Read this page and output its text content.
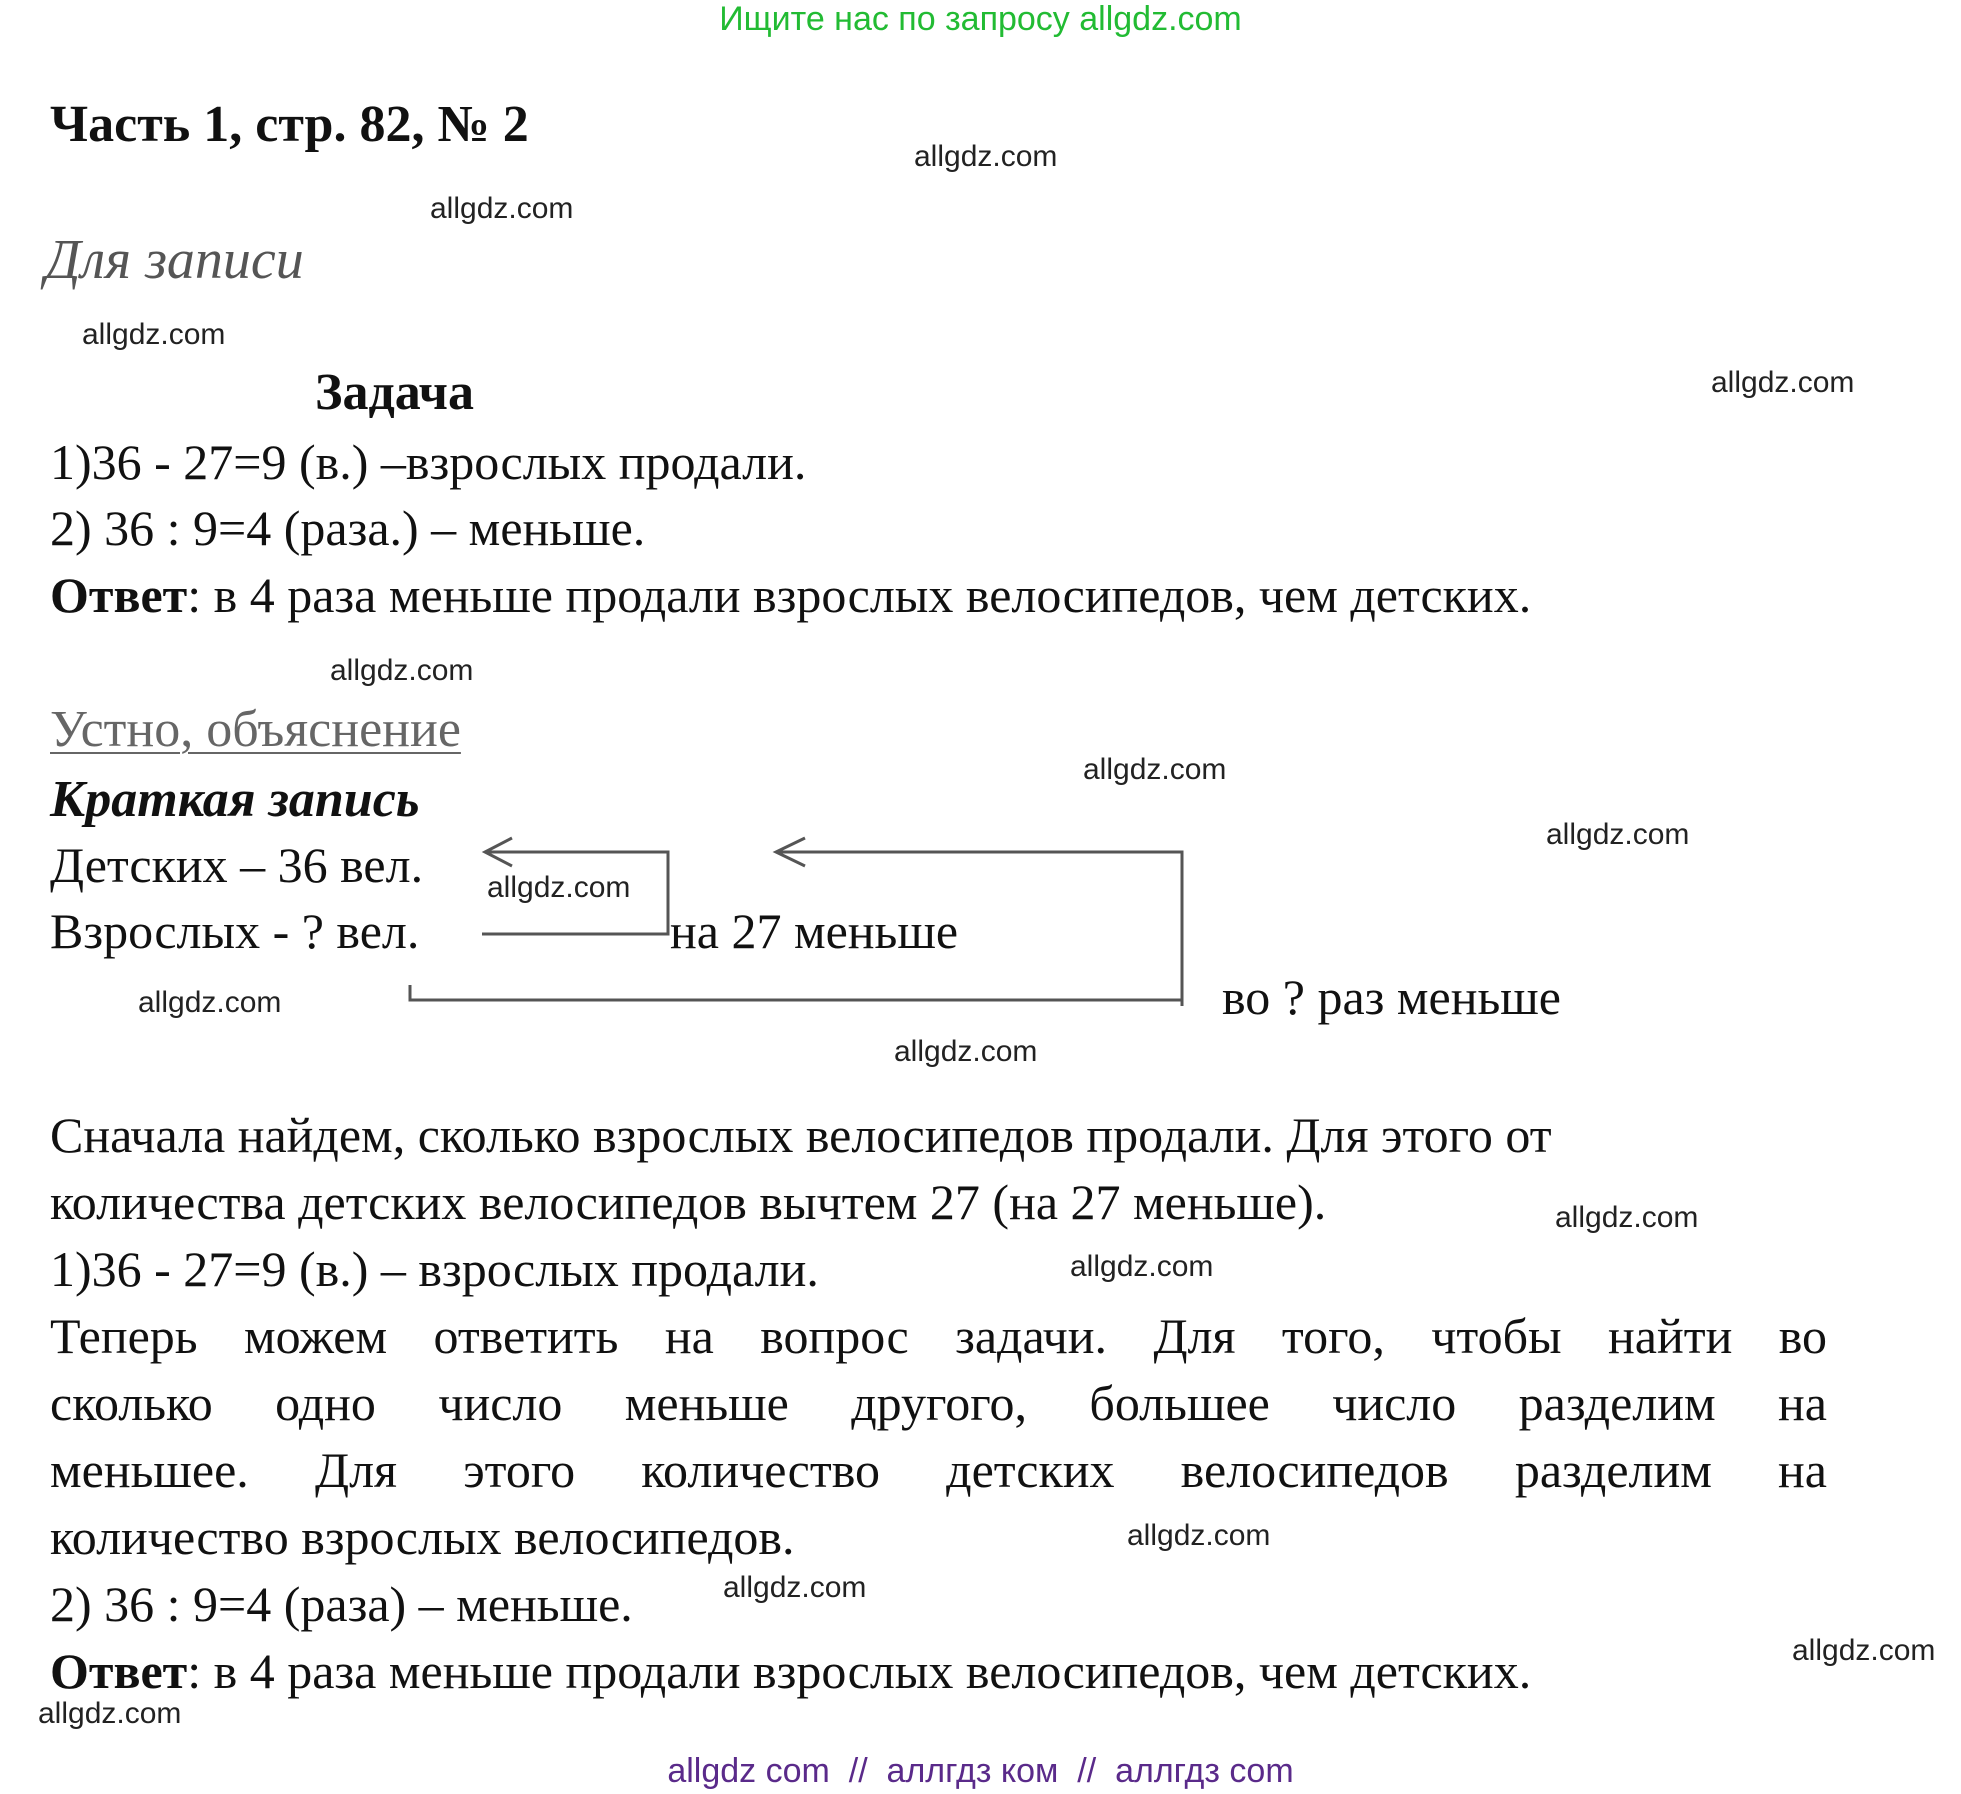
Ищите нас по запросу allgdz.com
Часть 1, стр. 82, № 2
Для записи
Задача
1)36 - 27=9 (в.) –взрослых продали.
2) 36 : 9=4 (раза.) – меньше.
Ответ: в 4 раза меньше продали взрослых велосипедов, чем детских.
Устно, объяснение
Краткая запись
Детских – 36 вел.
Взрослых - ? вел.	на 27 меньше
во ? раз меньше
Сначала найдем, сколько взрослых велосипедов продали. Для этого от
количества детских велосипедов вычтем 27 (на 27 меньше).
1)36 - 27=9 (в.) – взрослых продали.
Теперь можем ответить на вопрос задачи. Для того, чтобы найти во
сколько одно число меньше другого, большее число разделим на
меньшее. Для этого количество детских велосипедов разделим на
количество взрослых велосипедов.
2) 36 : 9=4 (раза) – меньше.
Ответ: в 4 раза меньше продали взрослых велосипедов, чем детских.
allgdz.com
allgdz.com
allgdz.com
allgdz.com
allgdz.com
allgdz.com
allgdz.com
allgdz.com
allgdz.com
allgdz.com
allgdz.com
allgdz.com
allgdz.com
allgdz.com
allgdz.com
allgdz.com
allgdz com  //  аллгдз ком  //  аллгдз com
